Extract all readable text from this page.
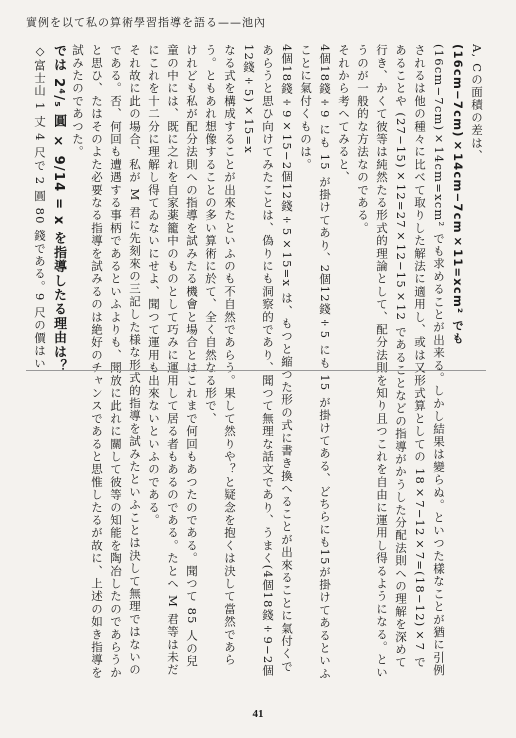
實例を以て私の算術學習指導を語る——池內

A, Cの面積の差は、

(16cm−7cm)×14cm−7cm×11=xcm² でも

(16cm−7cm)×14cm=xcm² でも求めることが出来る。しかし結果は變らぬ。といつた樣なことが猶に引例されるは他の種々に比べて取りした解法に適用し、或は又形式算としての 18×7−12×7=(18−12)×7 であることや (27−15)×12=27×12−15×12 であることなどの指導がかうした分配法則への理解を深めて行き、かくて彼等は純然たる形式的理論として、配分法則を知り且つこれを自由に運用し得るようになる。というのが一般的な方法なのである。

それから考へてみると、

4個18錢÷9 にも 15 が掛けてあり、2個12錢÷5 にも 15 が掛けてある、どちらにも15が掛けてあるといふことに氣付くものは。

4個18錢÷9×15−2個12錢÷5×15=x は、もつと縮つた形の式に書き換へることが出來ることに氣付くであらうと思ひ向けてみたことは、偽りにも洞察的であり、聞つて無理な話文であり、うまく(4個18錢÷9−2個12錢÷5)×15=x

なる式を構成することが出來たといふのも不自然であらう。果して然りや？と疑念を抱くは決して當然であらう。ともあれ想像することの多い算術に於て、全く自然なる形で、

けれども私が配分法則への指導を試みたる機會と場合とはこれまで何回もあつたのである。聞つて 85 人の兒童の中には、既に之れを自家薬籠中のものとして巧みに運用して居る者もあるのである。たとへ M 君等は未だにこれを十二分に理解し得てゐないにせよ、聞つて運用も出來ないといふのである。

それ故に此の場合、私が M 君に先刻來の三記した様な形式的指導を試みたといふことは決して無理ではないのである。否、何回も遭遇する事柄であるといふよりも、聞放に此れに關して彼等の知能を陶冶したのであらうかと思ひ、たはそのよた必要なる指導を試みるのは絶好のチャンスであると思惟したるが故に、上述の如き指導を試みたのであつた。

では 2⁴/₅ 圓 × 9/14 = x を指導したる理由は？

◇富士山 1 丈 4 尺で 2 圓 80 錢である。9 尺の價はい

41
